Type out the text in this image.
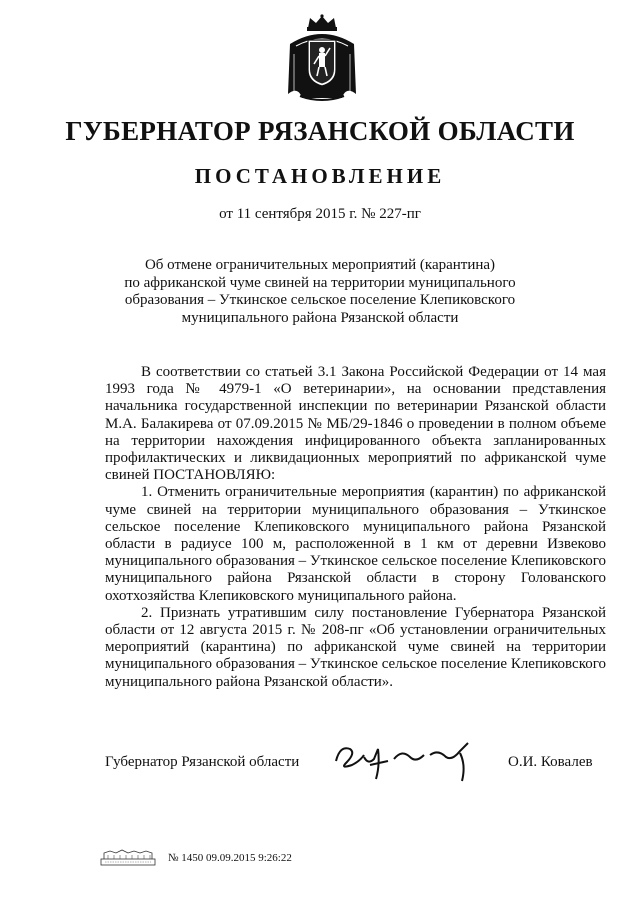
ГУБЕРНАТОР РЯЗАНСКОЙ ОБЛАСТИ
ПОСТАНОВЛЕНИЕ
от 11 сентября 2015 г. № 227-пг
Об отмене ограничительных мероприятий (карантина)
по африканской чуме свиней на территории муниципального
образования – Уткинское сельское поселение Клепиковского
муниципального района Рязанской области

В соответствии со статьей 3.1 Закона Российской Федерации от 14 мая 1993 года № 4979-1 «О ветеринарии», на основании представления начальника государственной инспекции по ветеринарии Рязанской области М.А. Балакирева от 07.09.2015 № МБ/29-1846 о проведении в полном объеме на территории нахождения инфицированного объекта запланированных профилактических и ликвидационных мероприятий по африканской чуме свиней ПОСТАНОВЛЯЮ:

1. Отменить ограничительные мероприятия (карантин) по африканской чуме свиней на территории муниципального образования – Уткинское сельское поселение Клепиковского муниципального района Рязанской области в радиусе 100 м, расположенной в 1 км от деревни Извеково муниципального образования – Уткинское сельское поселение Клепиковского муниципального района Рязанской области в сторону Голованского охотхозяйства Клепиковского муниципального района.

2. Признать утратившим силу постановление Губернатора Рязанской области от 12 августа 2015 г. № 208-пг «Об установлении ограничительных мероприятий (карантина) по африканской чуме свиней на территории муниципального образования – Уткинское сельское поселение Клепиковского муниципального района Рязанской области».

Губернатор Рязанской области	О.И. Ковалев
№ 1450 09.09.2015 9:26:22
